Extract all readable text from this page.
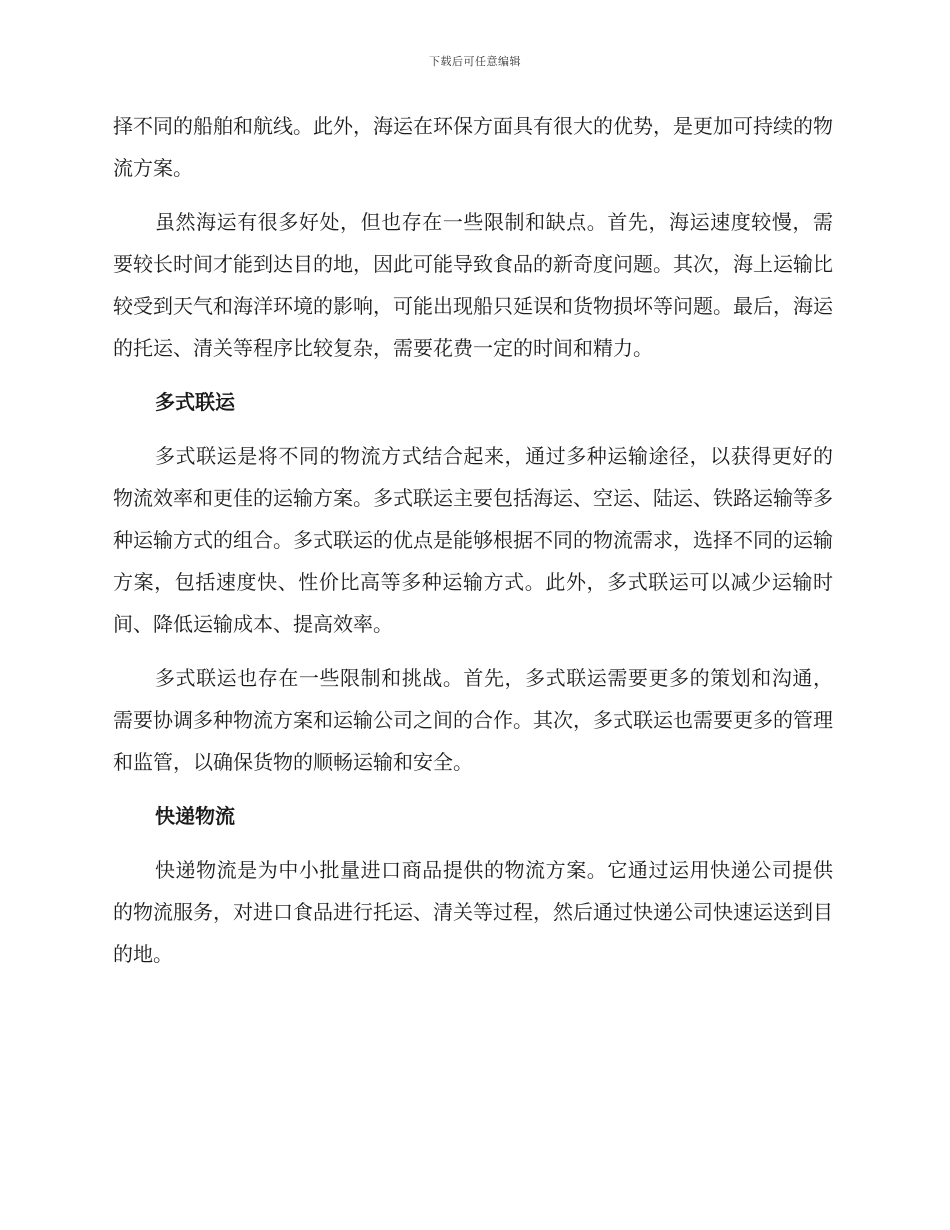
下载后可任意编辑

择不同的船舶和航线。此外，海运在环保方面具有很大的优势，是更加可持续的物流方案。

虽然海运有很多好处，但也存在一些限制和缺点。首先，海运速度较慢，需要较长时间才能到达目的地，因此可能导致食品的新奇度问题。其次，海上运输比较受到天气和海洋环境的影响，可能出现船只延误和货物损坏等问题。最后，海运的托运、清关等程序比较复杂，需要花费一定的时间和精力。

多式联运

多式联运是将不同的物流方式结合起来，通过多种运输途径，以获得更好的物流效率和更佳的运输方案。多式联运主要包括海运、空运、陆运、铁路运输等多种运输方式的组合。多式联运的优点是能够根据不同的物流需求，选择不同的运输方案，包括速度快、性价比高等多种运输方式。此外，多式联运可以减少运输时间、降低运输成本、提高效率。

多式联运也存在一些限制和挑战。首先，多式联运需要更多的策划和沟通，需要协调多种物流方案和运输公司之间的合作。其次，多式联运也需要更多的管理和监管，以确保货物的顺畅运输和安全。

快递物流

快递物流是为中小批量进口商品提供的物流方案。它通过运用快递公司提供的物流服务，对进口食品进行托运、清关等过程，然后通过快递公司快速运送到目的地。
